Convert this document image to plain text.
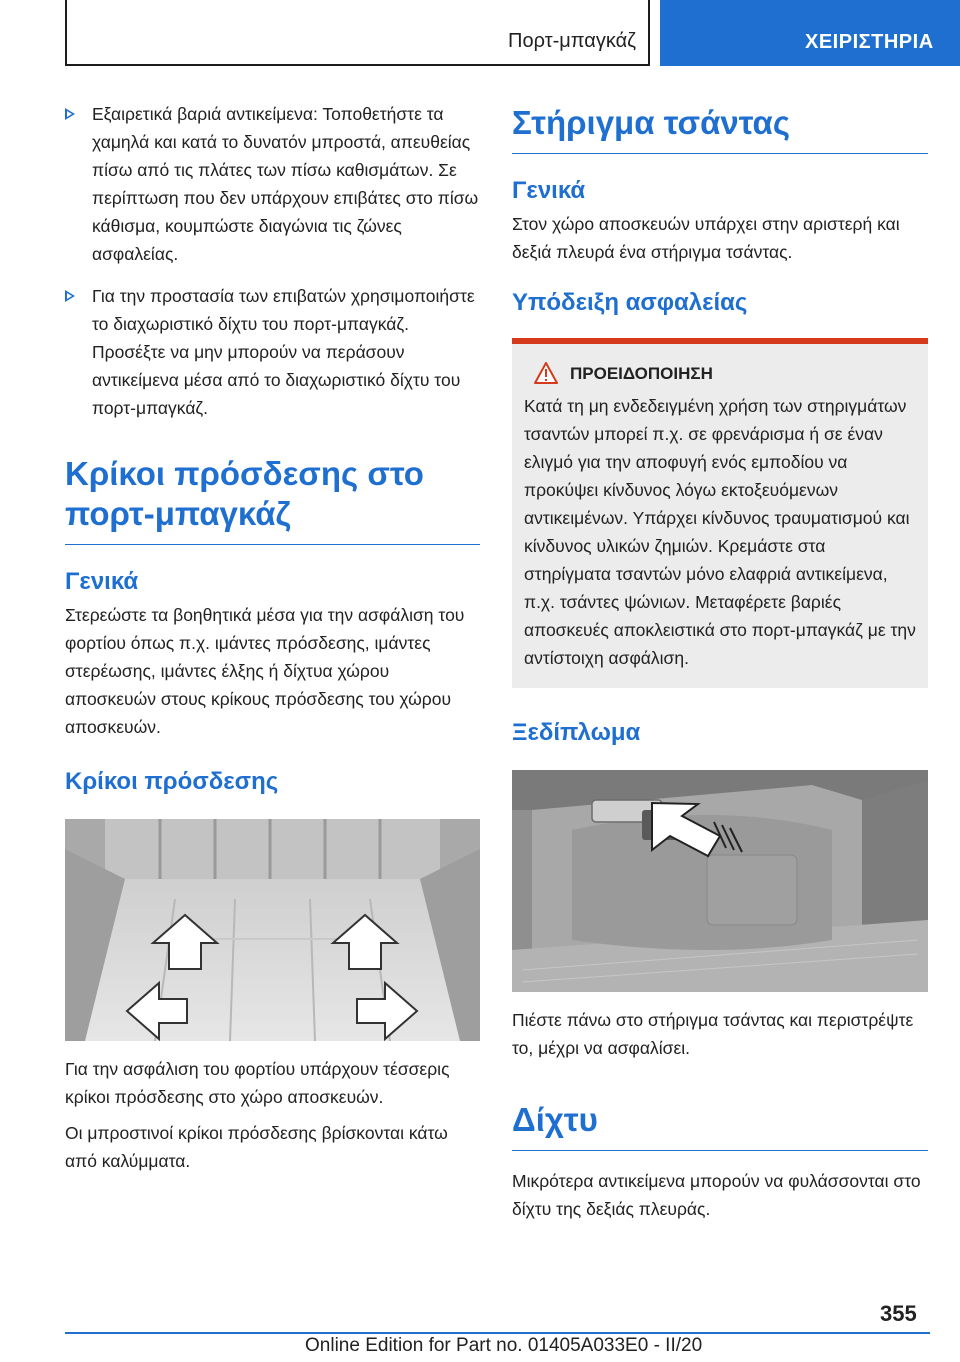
Πορτ-μπαγκάζ	ΧΕΙΡΙΣΤΗΡΙΑ
Εξαιρετικά βαριά αντικείμενα: Τοποθετήστε τα χαμηλά και κατά το δυνατόν μπροστά, απευθείας πίσω από τις πλάτες των πίσω καθισμάτων. Σε περίπτωση που δεν υπάρχουν επιβάτες στο πίσω κάθισμα, κουμπώστε διαγώνια τις ζώνες ασφαλείας.
Για την προστασία των επιβατών χρησιμοποιήστε το διαχωριστικό δίχτυ του πορτ-μπαγκάζ. Προσέξτε να μην μπορούν να περάσουν αντικείμενα μέσα από το διαχωριστικό δίχτυ του πορτ-μπαγκάζ.
Κρίκοι πρόσδεσης στο
πορτ-μπαγκάζ
Γενικά
Στερεώστε τα βοηθητικά μέσα για την ασφάλιση του φορτίου όπως π.χ. ιμάντες πρόσδεσης, ιμάντες στερέωσης, ιμάντες έλξης ή δίχτυα χώρου αποσκευών στους κρίκους πρόσδεσης του χώρου αποσκευών.
Κρίκοι πρόσδεσης
Για την ασφάλιση του φορτίου υπάρχουν τέσσερις κρίκοι πρόσδεσης στο χώρο αποσκευών.
Οι μπροστινοί κρίκοι πρόσδεσης βρίσκονται κάτω από καλύμματα.
Στήριγμα τσάντας
Γενικά
Στον χώρο αποσκευών υπάρχει στην αριστερή και δεξιά πλευρά ένα στήριγμα τσάντας.
Υπόδειξη ασφαλείας
ΠΡΟΕΙΔΟΠΟΙΗΣΗ
Κατά τη μη ενδεδειγμένη χρήση των στηριγμάτων τσαντών μπορεί π.χ. σε φρενάρισμα ή σε έναν ελιγμό για την αποφυγή ενός εμποδίου να προκύψει κίνδυνος λόγω εκτοξευόμενων αντικειμένων. Υπάρχει κίνδυνος τραυματισμού και κίνδυνος υλικών ζημιών. Κρεμάστε στα στηρίγματα τσαντών μόνο ελαφριά αντικείμενα, π.χ. τσάντες ψώνιων. Μεταφέρετε βαριές αποσκευές αποκλειστικά στο πορτ-μπαγκάζ με την αντίστοιχη ασφάλιση.
Ξεδίπλωμα
Πιέστε πάνω στο στήριγμα τσάντας και περιστρέψτε το, μέχρι να ασφαλίσει.
Δίχτυ
Μικρότερα αντικείμενα μπορούν να φυλάσσονται στο δίχτυ της δεξιάς πλευράς.
355
Online Edition for Part no. 01405A033E0 - II/20
